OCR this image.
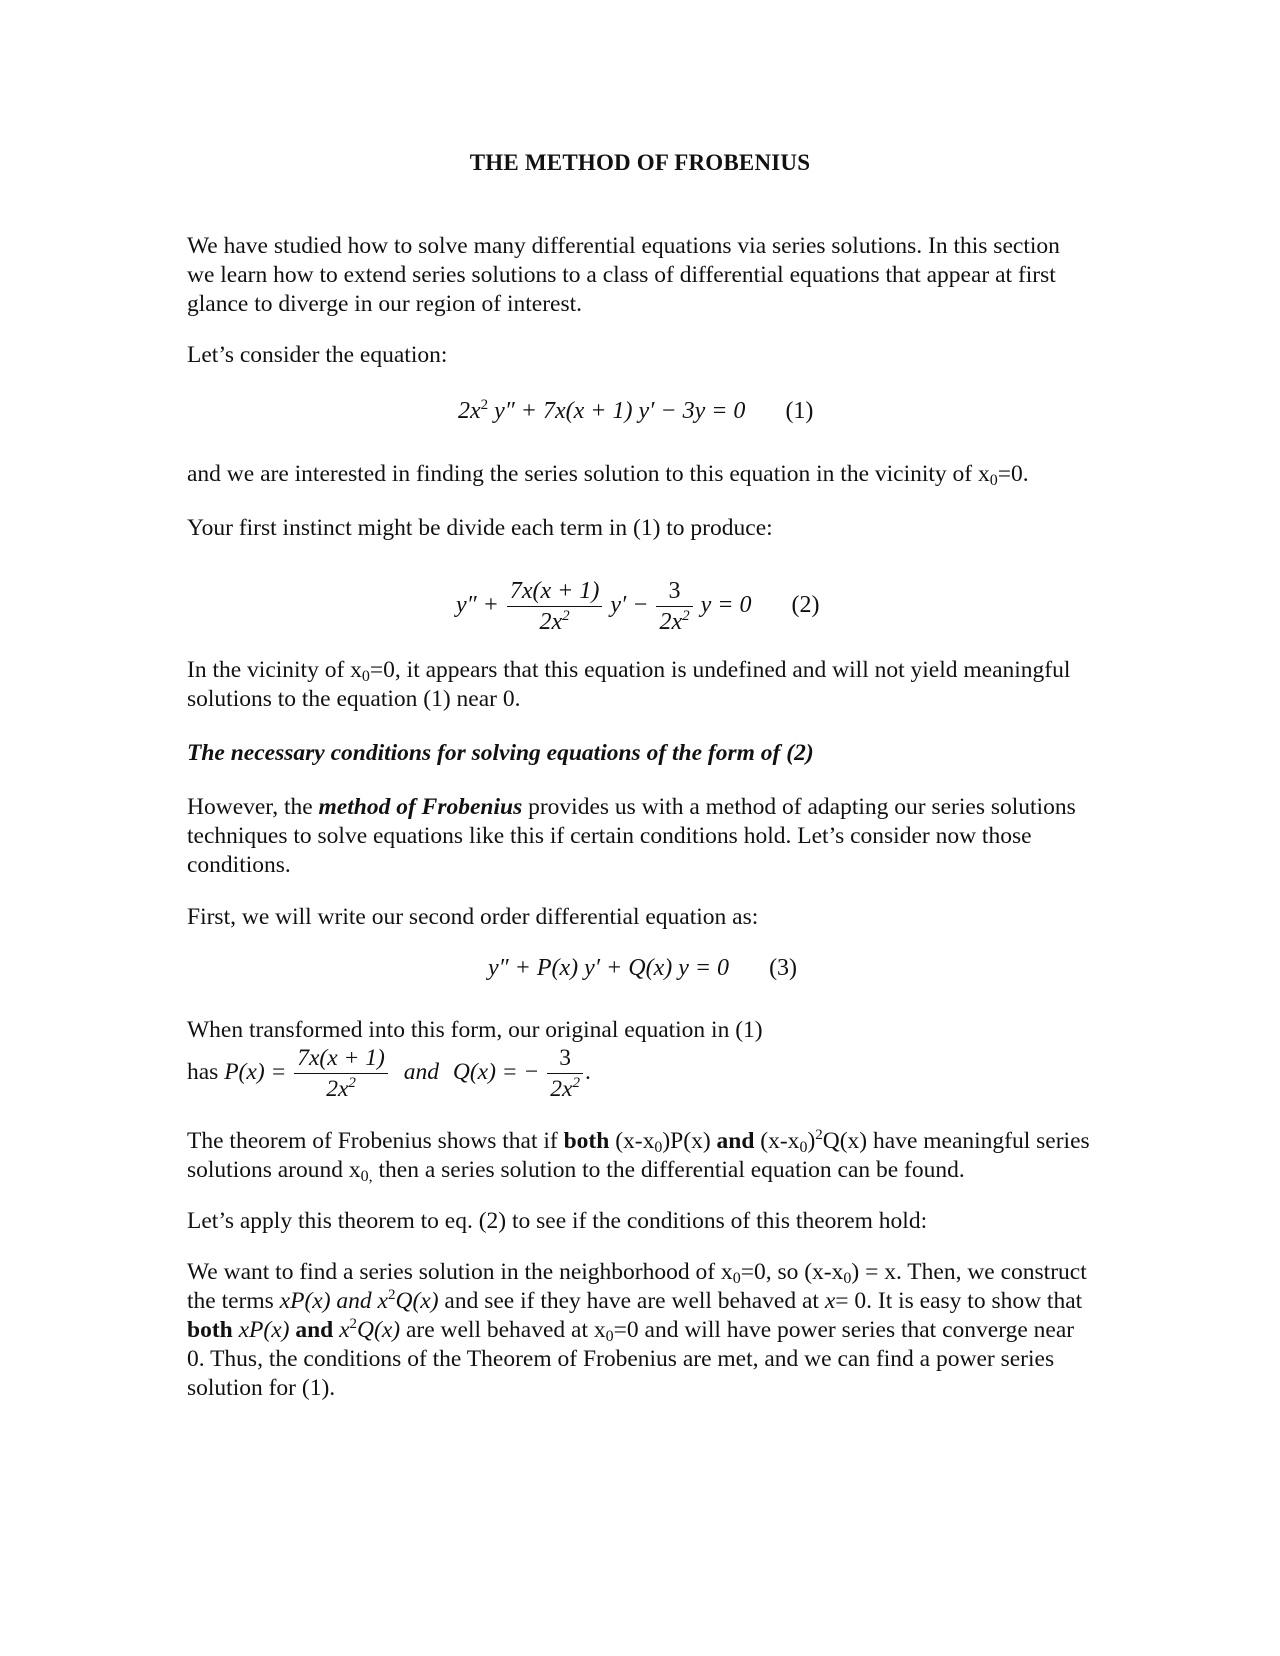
THE METHOD OF FROBENIUS
We have studied how to solve many differential equations via series solutions. In this section we learn how to extend series solutions to a class of differential equations that appear at first glance to diverge in our region of interest.
Let’s consider the equation:
$2x^2$ y″ + 7x(x + 1) y′ − 3y = 0 (1)
and we are interested in finding the series solution to this equation in the vicinity of $x_0=0$.
Your first instinct might be divide each term in (1) to produce:
$y'' + \frac{7x(x + 1)}{2x^2} y' - \frac{3}{2x^2}$ y = 0 (2)
In the vicinity of $x_0=0$, it appears that this equation is undefined and will not yield meaningful solutions to the equation (1) near 0.
The necessary conditions for solving equations of the form of (2)
However, the method of Frobenius provides us with a method of adapting our series solutions techniques to solve equations like this if certain conditions hold. Let’s consider now those conditions.
First, we will write our second order differential equation as:
y″ + P(x) y′ + Q(x) y = 0 (3)
When transformed into this form, our original equation in (1)
has $P(x) = \frac{7x(x + 1)}{2x^2}$ and Q(x) = − $\frac{3}{2x^2}$ .
The theorem of Frobenius shows that if both $(x-x_0)P(x)$ and $(x-x_0)^2Q(x)$ have meaningful series solutions around $x_{0,}$ then a series solution to the differential equation can be found.
Let’s apply this theorem to eq. (2) to see if the conditions of this theorem hold:
We want to find a series solution in the neighborhood of $x_0=0$, so $(x-x_0) = x$. Then, we construct the terms xP(x) and $x^2Q(x)$ and see if they have are well behaved at x= 0. It is easy to show that both xP(x) and $x^2Q(x)$ are well behaved at $x_0=0$ and will have power series that converge near 0. Thus, the conditions of the Theorem of Frobenius are met, and we can find a power series solution for (1).
